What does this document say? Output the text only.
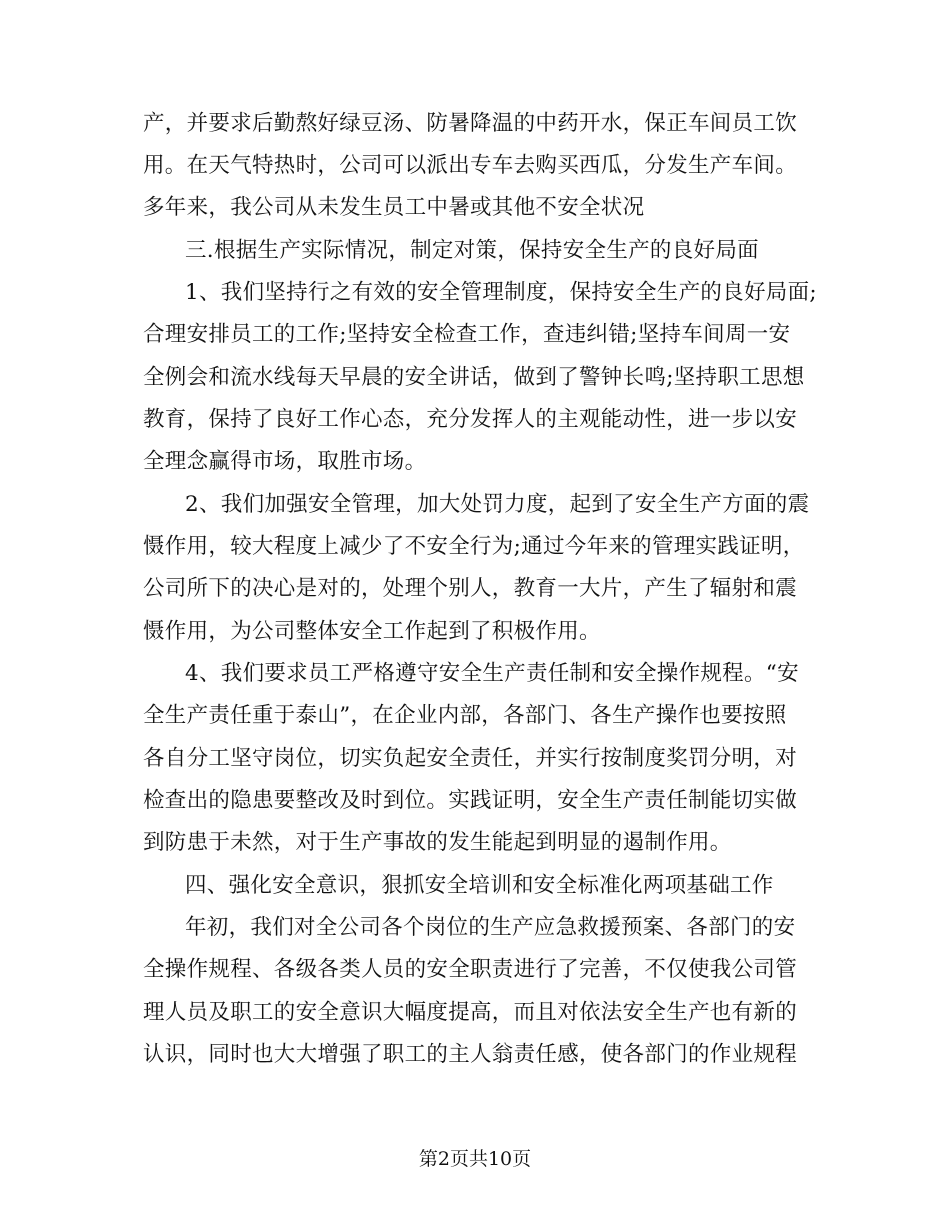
产，并要求后勤熬好绿豆汤、防暑降温的中药开水，保正车间员工饮
用。在天气特热时，公司可以派出专车去购买西瓜，分发生产车间。
多年来，我公司从未发生员工中暑或其他不安全状况
三.根据生产实际情况，制定对策，保持安全生产的良好局面
1、我们坚持行之有效的安全管理制度，保持安全生产的良好局面;
合理安排员工的工作;坚持安全检查工作，查违纠错;坚持车间周一安
全例会和流水线每天早晨的安全讲话，做到了警钟长鸣;坚持职工思想
教育，保持了良好工作心态，充分发挥人的主观能动性，进一步以安
全理念赢得市场，取胜市场。
2、我们加强安全管理，加大处罚力度，起到了安全生产方面的震
慑作用，较大程度上减少了不安全行为;通过今年来的管理实践证明，
公司所下的决心是对的，处理个别人，教育一大片，产生了辐射和震
慑作用，为公司整体安全工作起到了积极作用。
4、我们要求员工严格遵守安全生产责任制和安全操作规程。“安
全生产责任重于泰山”，在企业内部，各部门、各生产操作也要按照
各自分工坚守岗位，切实负起安全责任，并实行按制度奖罚分明，对
检查出的隐患要整改及时到位。实践证明，安全生产责任制能切实做
到防患于未然，对于生产事故的发生能起到明显的遏制作用。
四、强化安全意识，狠抓安全培训和安全标准化两项基础工作
年初，我们对全公司各个岗位的生产应急救援预案、各部门的安
全操作规程、各级各类人员的安全职责进行了完善，不仅使我公司管
理人员及职工的安全意识大幅度提高，而且对依法安全生产也有新的
认识，同时也大大增强了职工的主人翁责任感，使各部门的作业规程
第2页共10页
